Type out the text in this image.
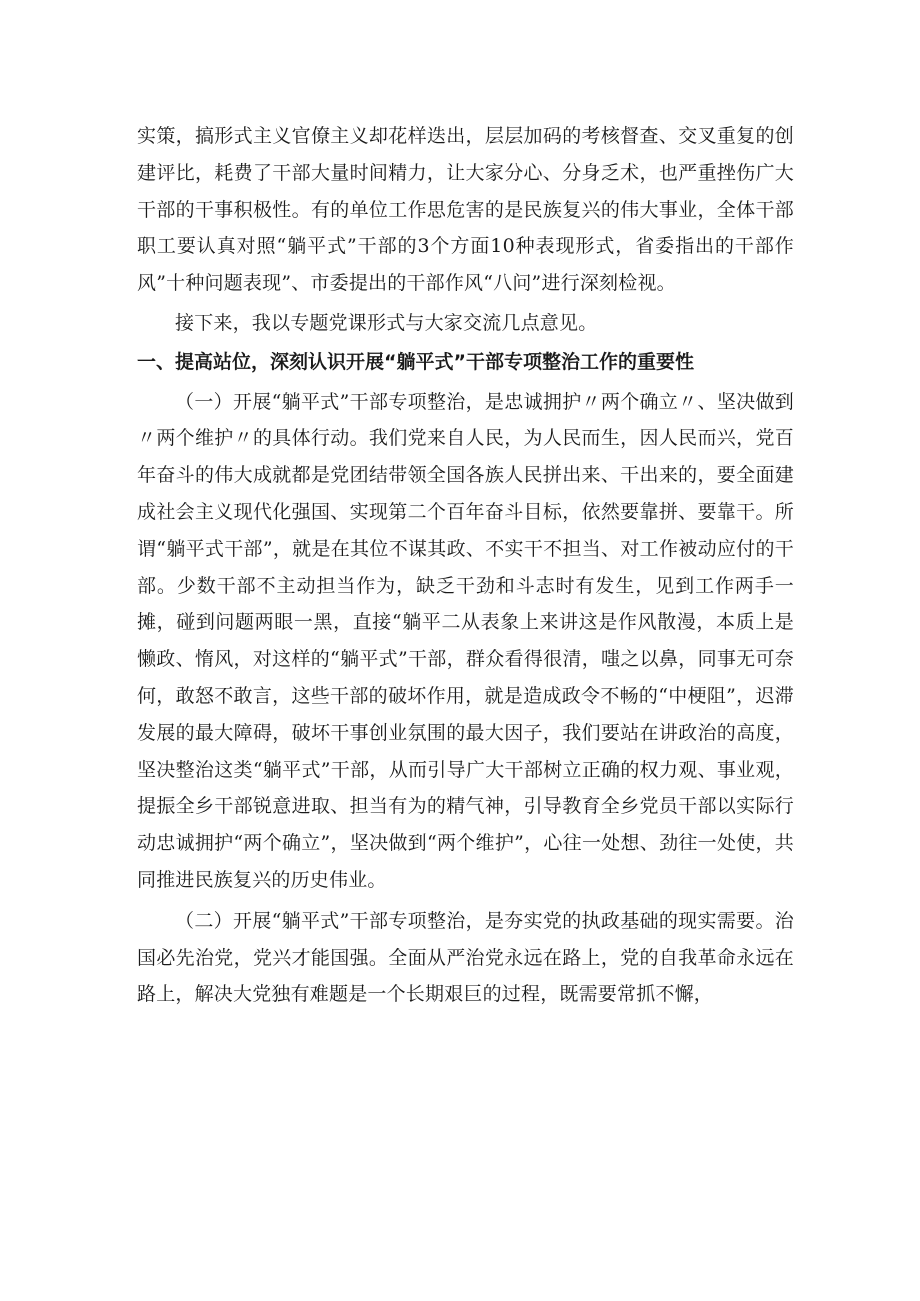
实策，搞形式主义官僚主义却花样迭出，层层加码的考核督查、交叉重复的创建评比，耗费了干部大量时间精力，让大家分心、分身乏术，也严重挫伤广大干部的干事积极性。有的单位工作思危害的是民族复兴的伟大事业，全体干部职工要认真对照“躺平式”干部的3个方面10种表现形式，省委指出的干部作风”十种问题表现”、市委提出的干部作风“八问”进行深刻检视。

接下来，我以专题党课形式与大家交流几点意见。

一、提高站位，深刻认识开展“躺平式”干部专项整治工作的重要性

（一）开展“躺平式”干部专项整治，是忠诚拥护〃两个确立〃、坚决做到〃两个维护〃的具体行动。我们党来自人民，为人民而生，因人民而兴，党百年奋斗的伟大成就都是党团结带领全国各族人民拼出来、干出来的，要全面建成社会主义现代化强国、实现第二个百年奋斗目标，依然要靠拼、要靠干。所谓“躺平式干部”，就是在其位不谋其政、不实干不担当、对工作被动应付的干部。少数干部不主动担当作为，缺乏干劲和斗志时有发生，见到工作两手一摊，碰到问题两眼一黑，直接“躺平二从表象上来讲这是作风散漫，本质上是懒政、惰风，对这样的“躺平式”干部，群众看得很清，嗤之以鼻，同事无可奈何，敢怒不敢言，这些干部的破坏作用，就是造成政令不畅的“中梗阻”，迟滞发展的最大障碍，破坏干事创业氛围的最大因子，我们要站在讲政治的高度，坚决整治这类“躺平式”干部，从而引导广大干部树立正确的权力观、事业观，提振全乡干部锐意进取、担当有为的精气神，引导教育全乡党员干部以实际行动忠诚拥护“两个确立”，坚决做到“两个维护”，心往一处想、劲往一处使，共同推进民族复兴的历史伟业。

（二）开展“躺平式”干部专项整治，是夯实党的执政基础的现实需要。治国必先治党，党兴才能国强。全面从严治党永远在路上，党的自我革命永远在路上，解决大党独有难题是一个长期艰巨的过程，既需要常抓不懈，
